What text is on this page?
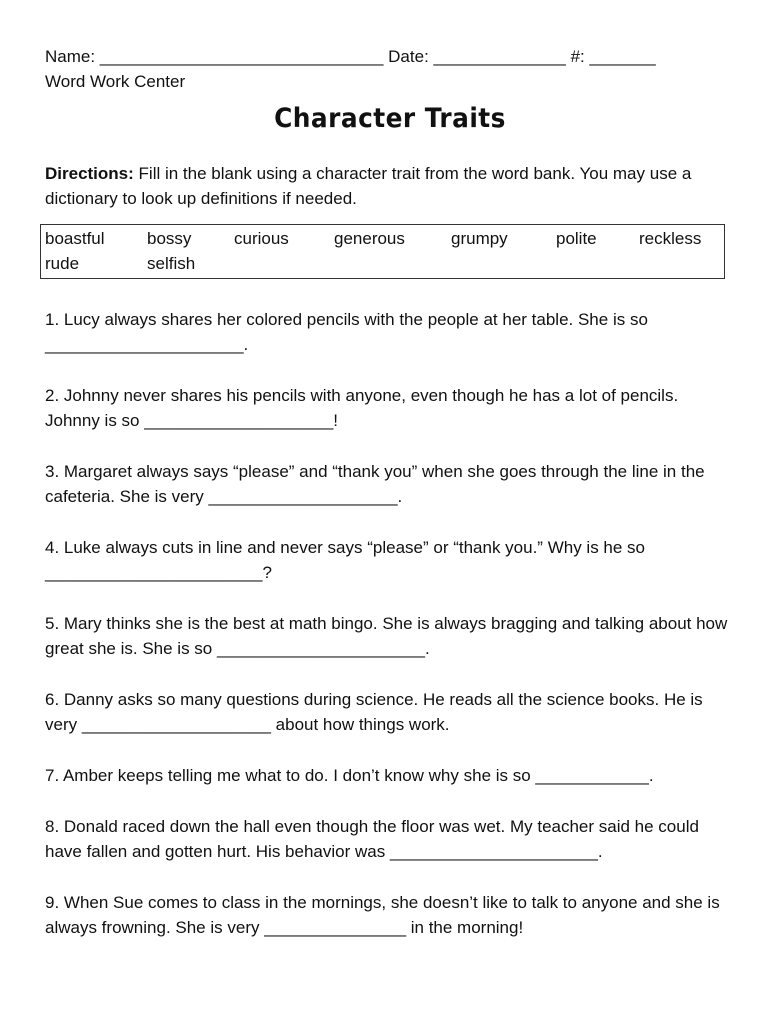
Name: ______________________________ Date: ______________ #: _______
Word Work Center
Character Traits
Directions: Fill in the blank using a character trait from the word bank. You may use a dictionary to look up definitions if needed.
boastful	bossy	curious	generous	grumpy	polite	reckless
rude	selfish
1. Lucy always shares her colored pencils with the people at her table. She is so _____________________.
2. Johnny never shares his pencils with anyone, even though he has a lot of pencils. Johnny is so ____________________!
3. Margaret always says “please” and “thank you” when she goes through the line in the cafeteria. She is very ____________________.
4. Luke always cuts in line and never says “please” or “thank you.” Why is he so _______________________?
5. Mary thinks she is the best at math bingo. She is always bragging and talking about how great she is. She is so ______________________.
6. Danny asks so many questions during science. He reads all the science books. He is very ____________________ about how things work.
7. Amber keeps telling me what to do. I don’t know why she is so ____________.
8. Donald raced down the hall even though the floor was wet. My teacher said he could have fallen and gotten hurt. His behavior was ______________________.
9. When Sue comes to class in the mornings, she doesn’t like to talk to anyone and she is always frowning. She is very _______________ in the morning!
